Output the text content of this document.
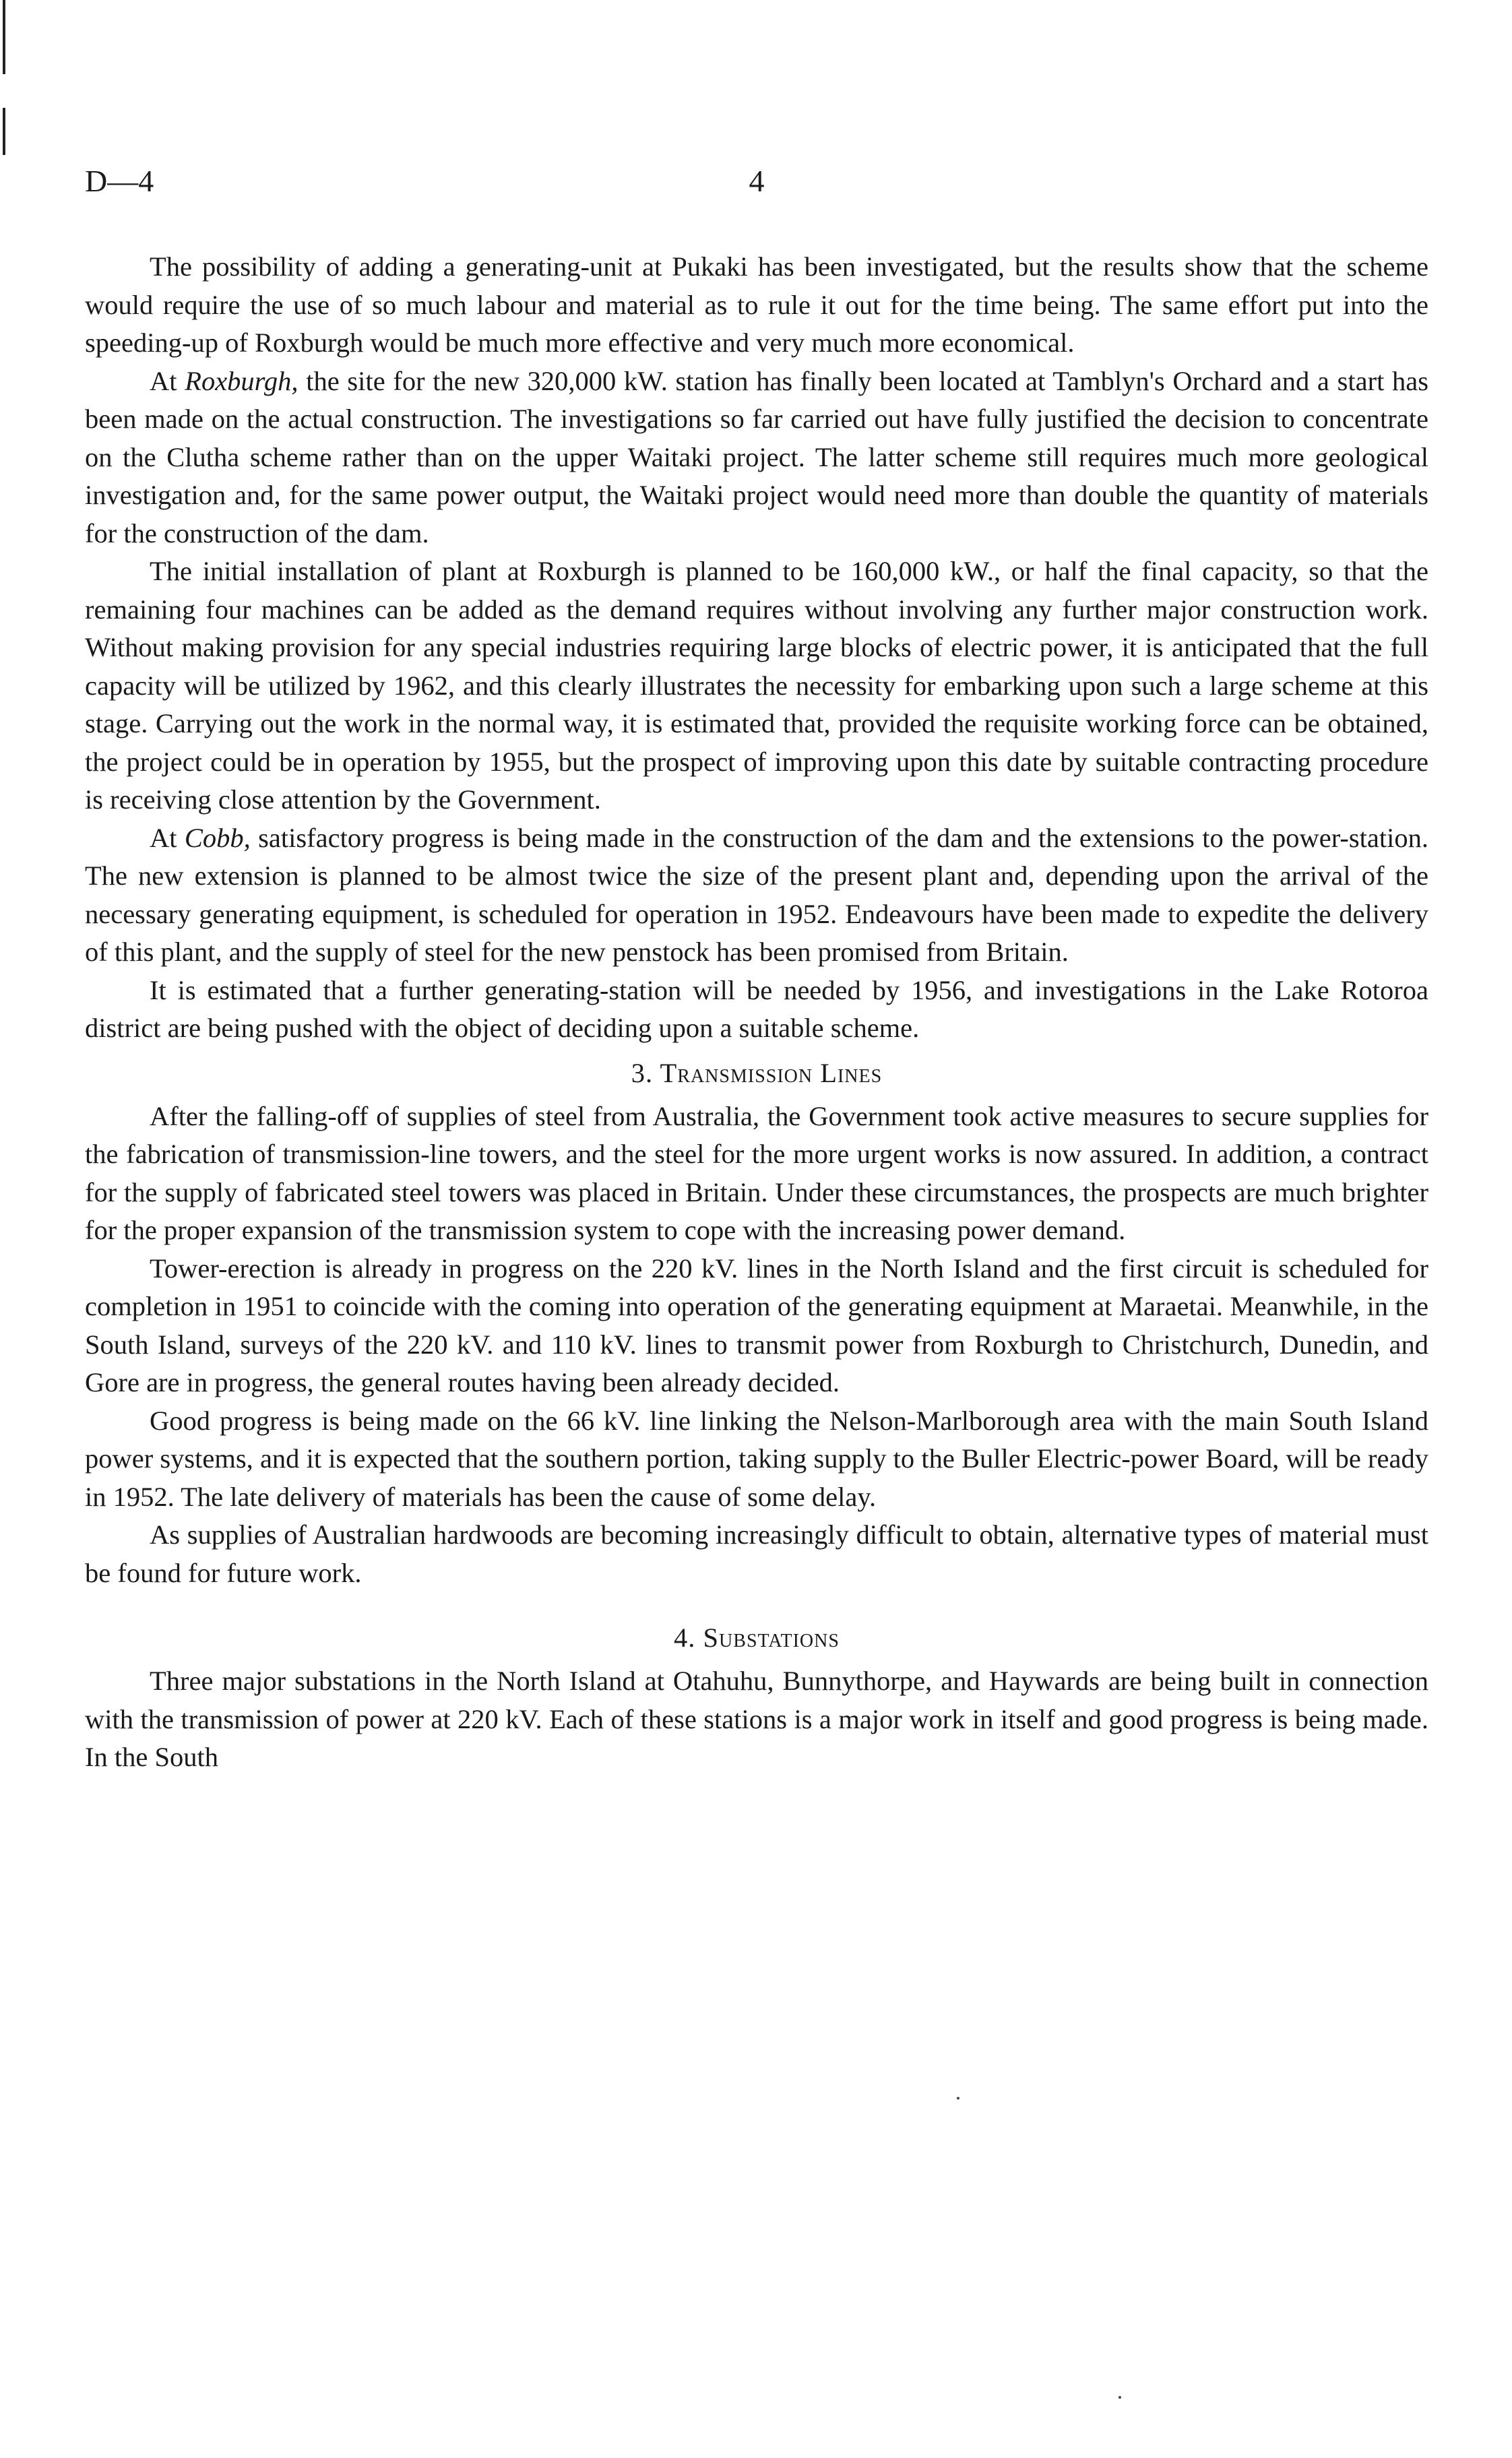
D—4	4

The possibility of adding a generating-unit at Pukaki has been investigated, but the results show that the scheme would require the use of so much labour and material as to rule it out for the time being. The same effort put into the speeding-up of Roxburgh would be much more effective and very much more economical.

At Roxburgh, the site for the new 320,000 kW. station has finally been located at Tamblyn's Orchard and a start has been made on the actual construction. The investigations so far carried out have fully justified the decision to concentrate on the Clutha scheme rather than on the upper Waitaki project. The latter scheme still requires much more geological investigation and, for the same power output, the Waitaki project would need more than double the quantity of materials for the construction of the dam.

The initial installation of plant at Roxburgh is planned to be 160,000 kW., or half the final capacity, so that the remaining four machines can be added as the demand requires without involving any further major construction work. Without making provision for any special industries requiring large blocks of electric power, it is anticipated that the full capacity will be utilized by 1962, and this clearly illustrates the necessity for embarking upon such a large scheme at this stage. Carrying out the work in the normal way, it is estimated that, provided the requisite working force can be obtained, the project could be in operation by 1955, but the prospect of improving upon this date by suitable contracting procedure is receiving close attention by the Government.

At Cobb, satisfactory progress is being made in the construction of the dam and the extensions to the power-station. The new extension is planned to be almost twice the size of the present plant and, depending upon the arrival of the necessary generating equipment, is scheduled for operation in 1952. Endeavours have been made to expedite the delivery of this plant, and the supply of steel for the new penstock has been promised from Britain.

It is estimated that a further generating-station will be needed by 1956, and investigations in the Lake Rotoroa district are being pushed with the object of deciding upon a suitable scheme.

3. Transmission Lines

After the falling-off of supplies of steel from Australia, the Government took active measures to secure supplies for the fabrication of transmission-line towers, and the steel for the more urgent works is now assured. In addition, a contract for the supply of fabricated steel towers was placed in Britain. Under these circumstances, the prospects are much brighter for the proper expansion of the transmission system to cope with the increasing power demand.

Tower-erection is already in progress on the 220 kV. lines in the North Island and the first circuit is scheduled for completion in 1951 to coincide with the coming into operation of the generating equipment at Maraetai. Meanwhile, in the South Island, surveys of the 220 kV. and 110 kV. lines to transmit power from Roxburgh to Christchurch, Dunedin, and Gore are in progress, the general routes having been already decided.

Good progress is being made on the 66 kV. line linking the Nelson-Marlborough area with the main South Island power systems, and it is expected that the southern portion, taking supply to the Buller Electric-power Board, will be ready in 1952. The late delivery of materials has been the cause of some delay.

As supplies of Australian hardwoods are becoming increasingly difficult to obtain, alternative types of material must be found for future work.

4. Substations

Three major substations in the North Island at Otahuhu, Bunnythorpe, and Haywards are being built in connection with the transmission of power at 220 kV. Each of these stations is a major work in itself and good progress is being made. In the South
